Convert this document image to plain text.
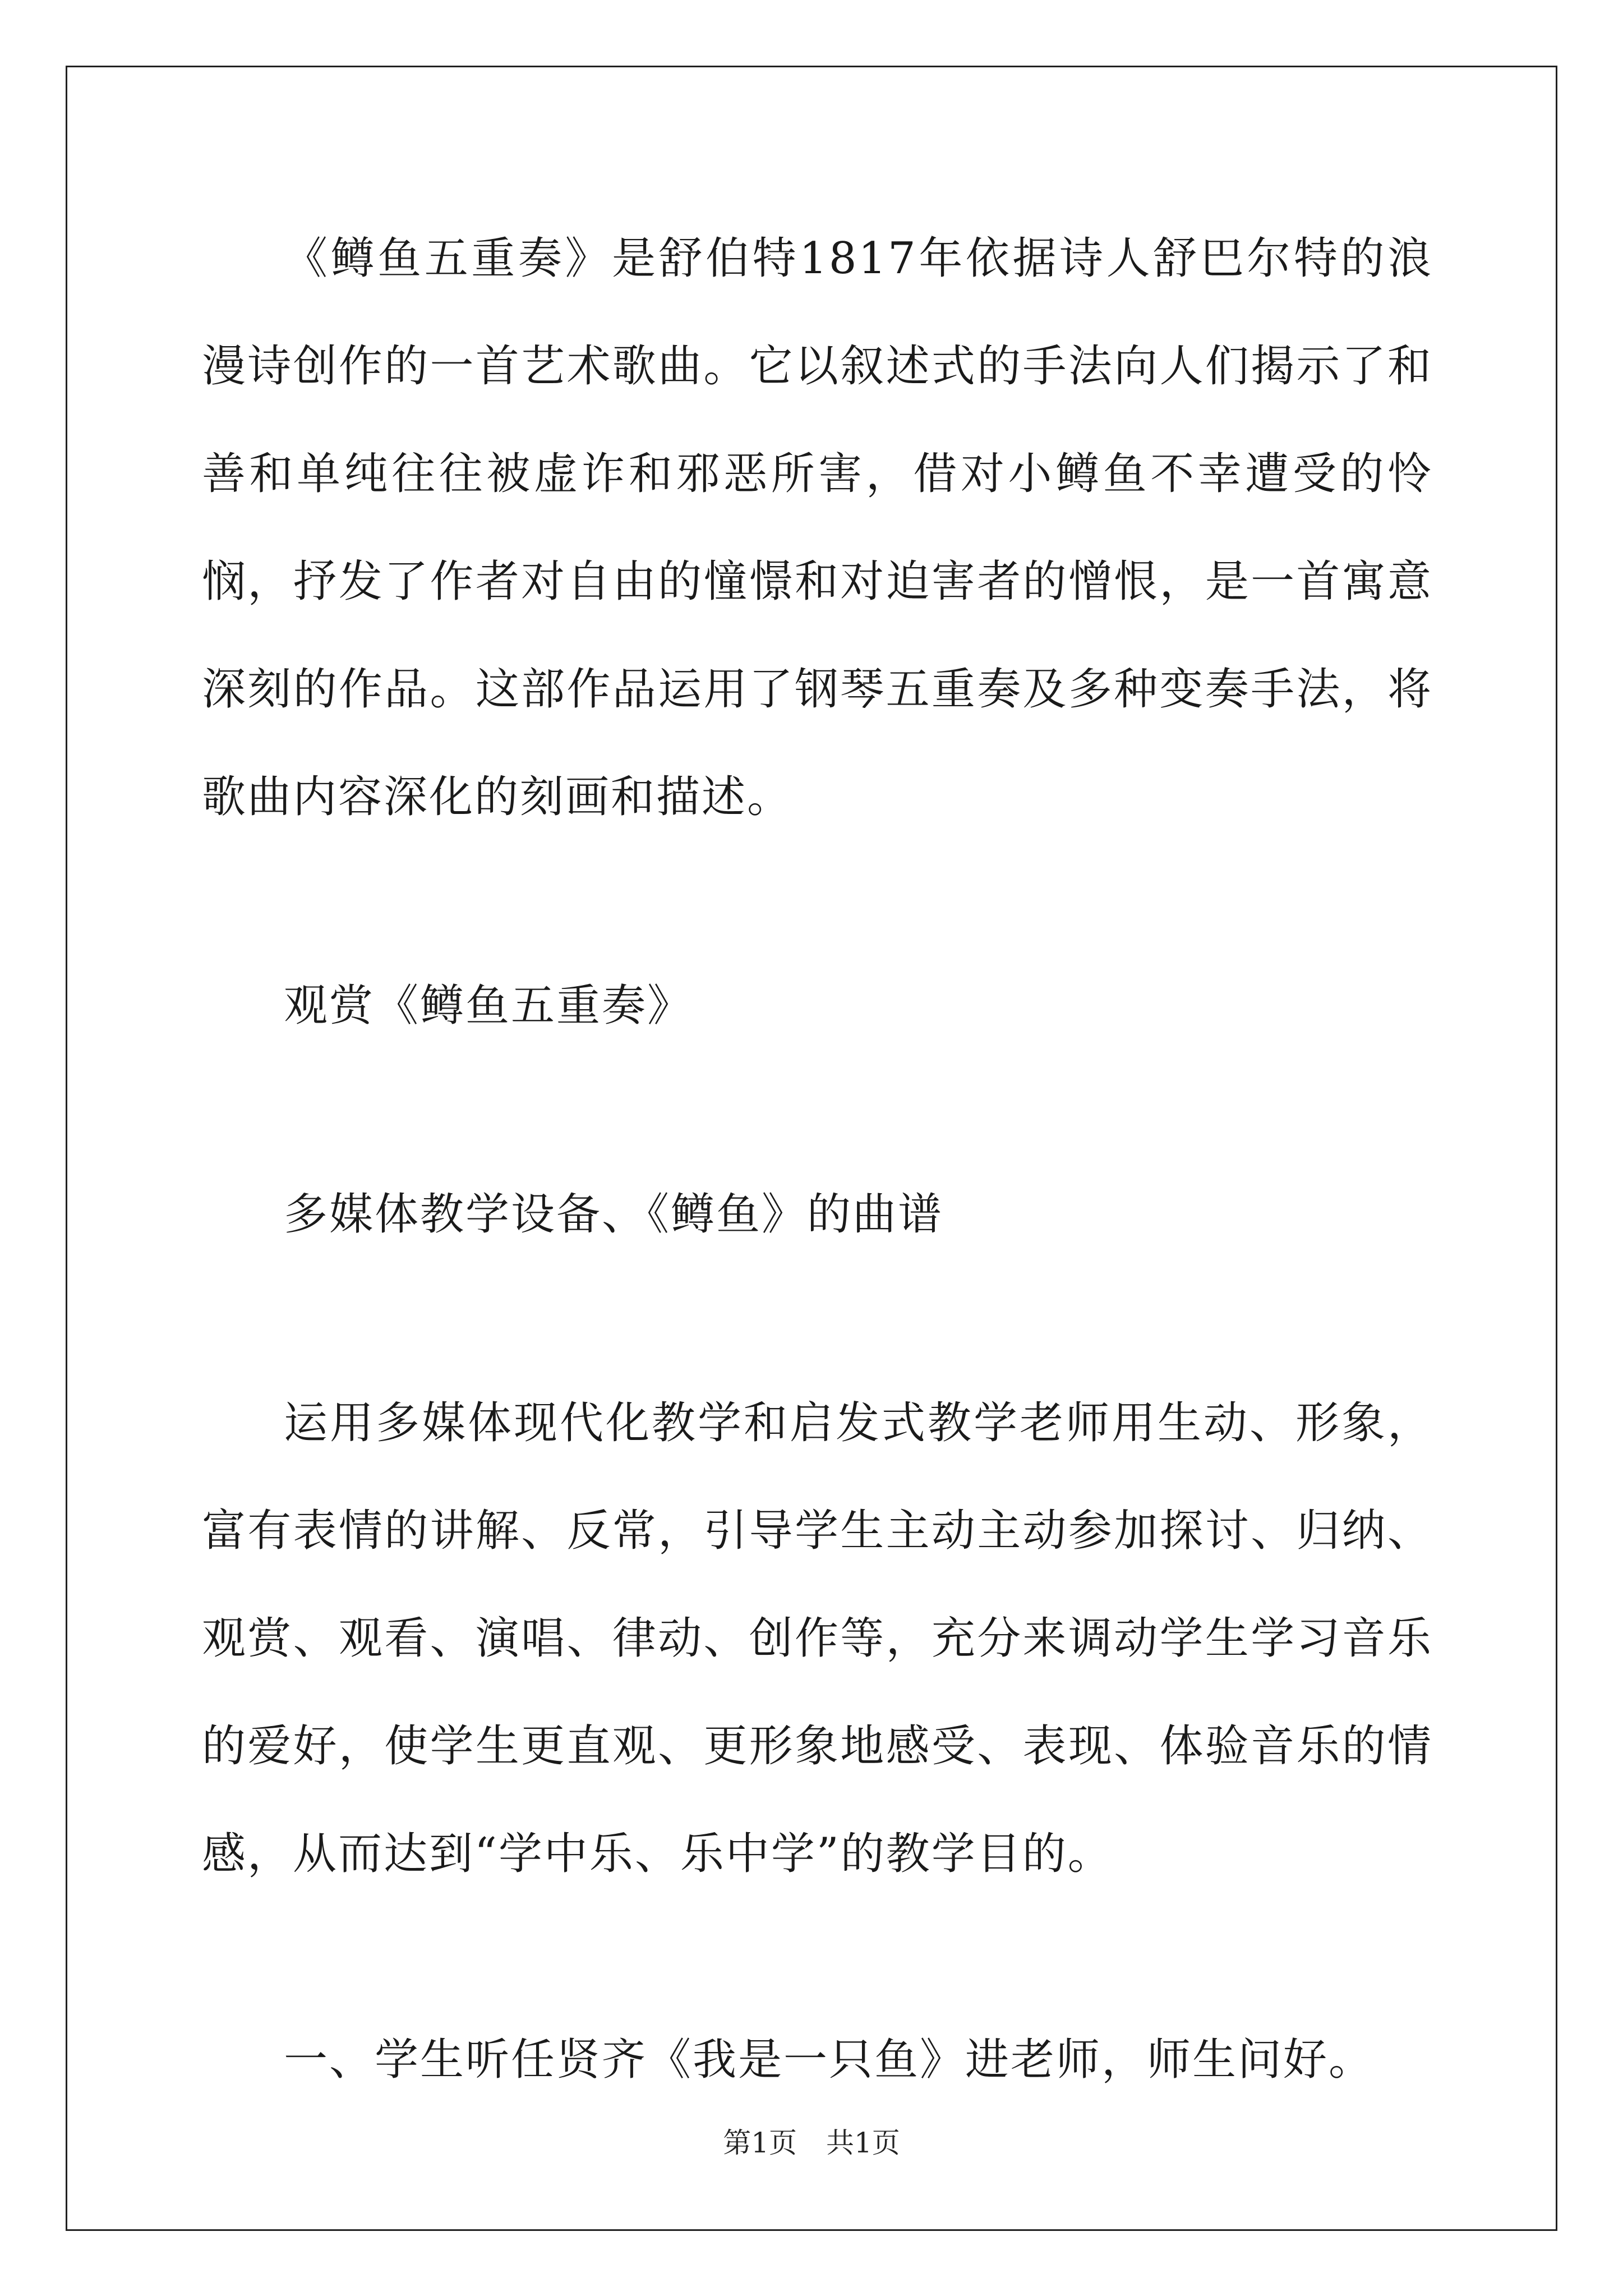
《鳟鱼五重奏》是舒伯特1817年依据诗人舒巴尔特的浪漫诗创作的一首艺术歌曲。它以叙述式的手法向人们揭示了和善和单纯往往被虚诈和邪恶所害，借对小鳟鱼不幸遭受的怜悯，抒发了作者对自由的憧憬和对迫害者的憎恨，是一首寓意深刻的作品。这部作品运用了钢琴五重奏及多种变奏手法，将歌曲内容深化的刻画和描述。

观赏《鳟鱼五重奏》

多媒体教学设备、《鳟鱼》的曲谱

运用多媒体现代化教学和启发式教学老师用生动、形象，富有表情的讲解、反常，引导学生主动主动参加探讨、归纳、观赏、观看、演唱、律动、创作等，充分来调动学生学习音乐的爱好，使学生更直观、更形象地感受、表现、体验音乐的情感，从而达到“学中乐、乐中学”的教学目的。

一、学生听任贤齐《我是一只鱼》进老师，师生问好。

第1页 共1页
